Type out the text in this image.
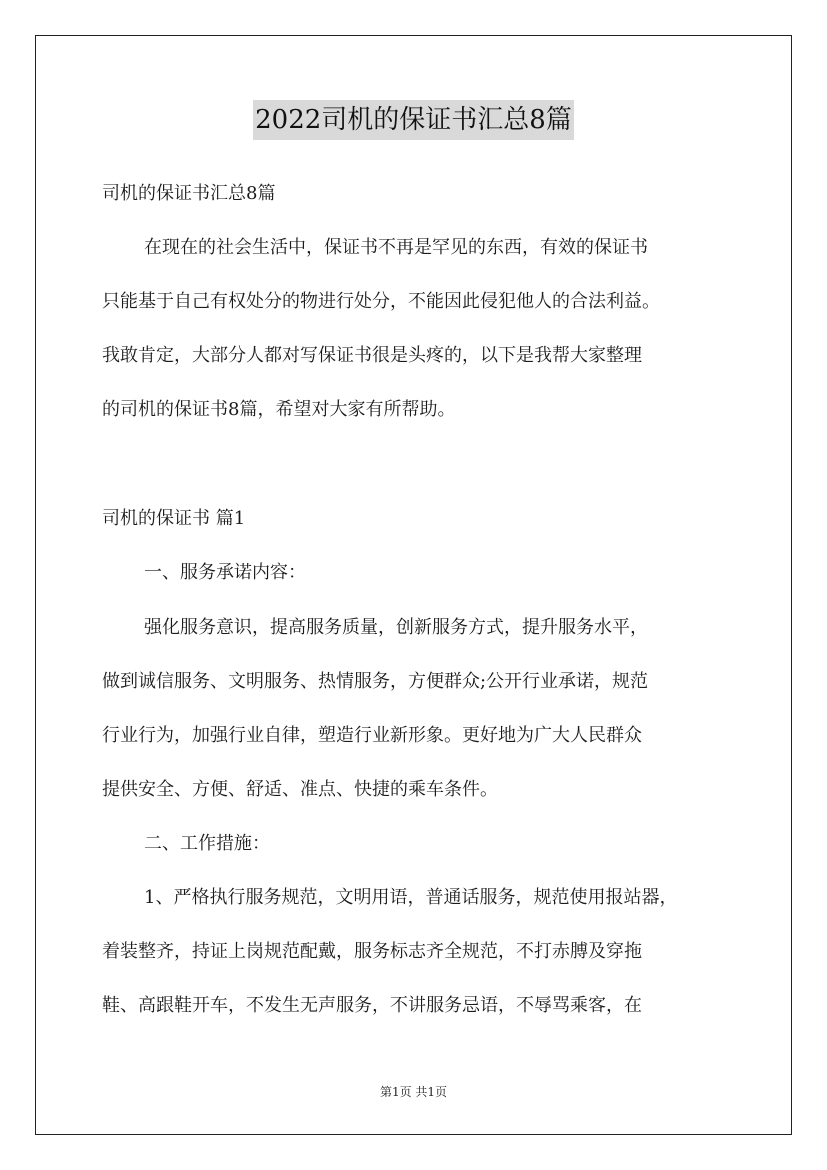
2022司机的保证书汇总8篇
司机的保证书汇总8篇
在现在的社会生活中，保证书不再是罕见的东西，有效的保证书
只能基于自己有权处分的物进行处分，不能因此侵犯他人的合法利益。
我敢肯定，大部分人都对写保证书很是头疼的，以下是我帮大家整理
的司机的保证书8篇，希望对大家有所帮助。
司机的保证书 篇1
一、服务承诺内容：
强化服务意识，提高服务质量，创新服务方式，提升服务水平，
做到诚信服务、文明服务、热情服务，方便群众;公开行业承诺，规范
行业行为，加强行业自律，塑造行业新形象。更好地为广大人民群众
提供安全、方便、舒适、准点、快捷的乘车条件。
二、工作措施：
1、严格执行服务规范，文明用语，普通话服务，规范使用报站器，
着装整齐，持证上岗规范配戴，服务标志齐全规范，不打赤膊及穿拖
鞋、高跟鞋开车，不发生无声服务，不讲服务忌语，不辱骂乘客，在
第1页 共1页
